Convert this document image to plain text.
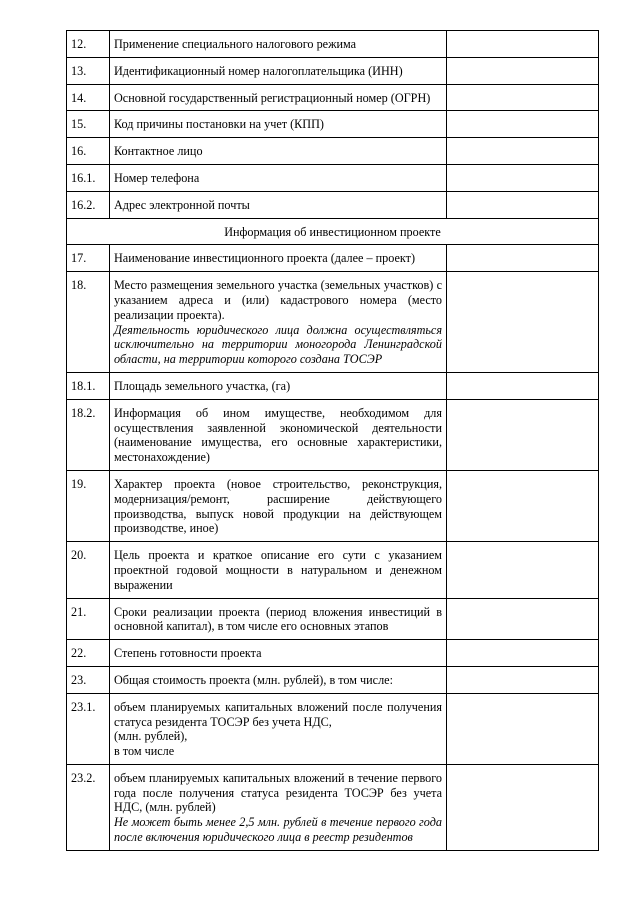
12.	Применение специального налогового режима	
13.	Идентификационный номер налогоплательщика (ИНН)	
14.	Основной государственный регистрационный номер (ОГРН)	
15.	Код причины постановки на учет (КПП)	
16.	Контактное лицо	
16.1.	Номер телефона	
16.2.	Адрес электронной почты	
Информация об инвестиционном проекте		
17.	Наименование инвестиционного проекта (далее – проект)	
18.	Место размещения земельного участка (земельных участков) с указанием адреса и (или) кадастрового номера (место реализации проекта).
Деятельность юридического лица должна осуществляться исключительно на территории моногорода Ленинградской области, на территории которого создана ТОСЭР	

18.1.	Площадь земельного участка, (га)	
18.2.	Информация об ином имуществе, необходимом для осуществления заявленной экономической деятельности (наименование имущества, его основные характеристики, местонахождение)	
19.	Характер проекта (новое строительство, реконструкция, модернизация/ремонт, расширение действующего производства, выпуск новой продукции на действующем производстве, иное)	
20.	Цель проекта и краткое описание его сути с указанием проектной годовой мощности в натуральном и денежном выражении	
21.	Сроки реализации проекта (период вложения инвестиций в основной капитал), в том числе его основных этапов	
22.	Степень готовности проекта	
23.	Общая стоимость проекта (млн. рублей), в том числе:	
23.1.	объем планируемых капитальных вложений после получения статуса резидента ТОСЭР без учета НДС,
(млн. рублей),
в том числе	

23.2.	объем планируемых капитальных вложений в течение первого года после получения статуса резидента ТОСЭР без учета НДС, (млн. рублей)
Не может быть менее 2,5 млн. рублей в течение первого года после включения юридического лица в реестр резидентов	
